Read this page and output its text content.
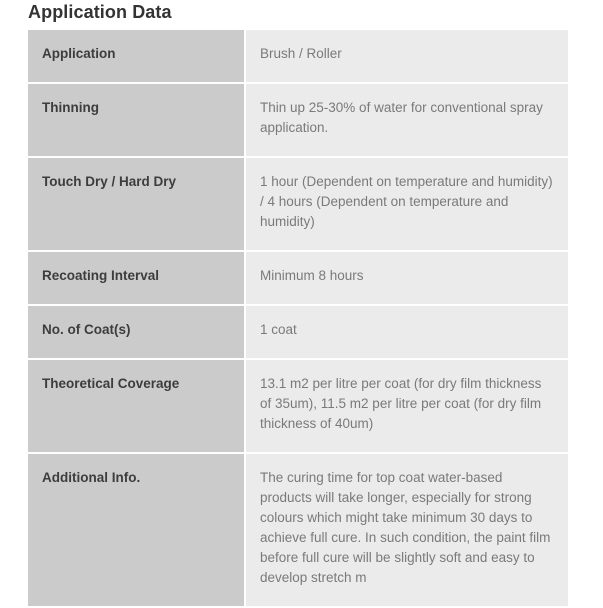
Application Data
Application	Brush / Roller
Thinning	Thin up 25-30% of water for conventional spray application.
Touch Dry / Hard Dry	1 hour (Dependent on temperature and humidity) / 4 hours (Dependent on temperature and humidity)
Recoating Interval	Minimum 8 hours
No. of Coat(s)	1 coat
Theoretical Coverage	13.1 m2 per litre per coat (for dry film thickness of 35um), 11.5 m2 per litre per coat (for dry film thickness of 40um)
Additional Info.	The curing time for top coat water-based products will take longer, especially for strong colours which might take minimum 30 days to achieve full cure. In such condition, the paint film before full cure will be slightly soft and easy to develop stretch m
